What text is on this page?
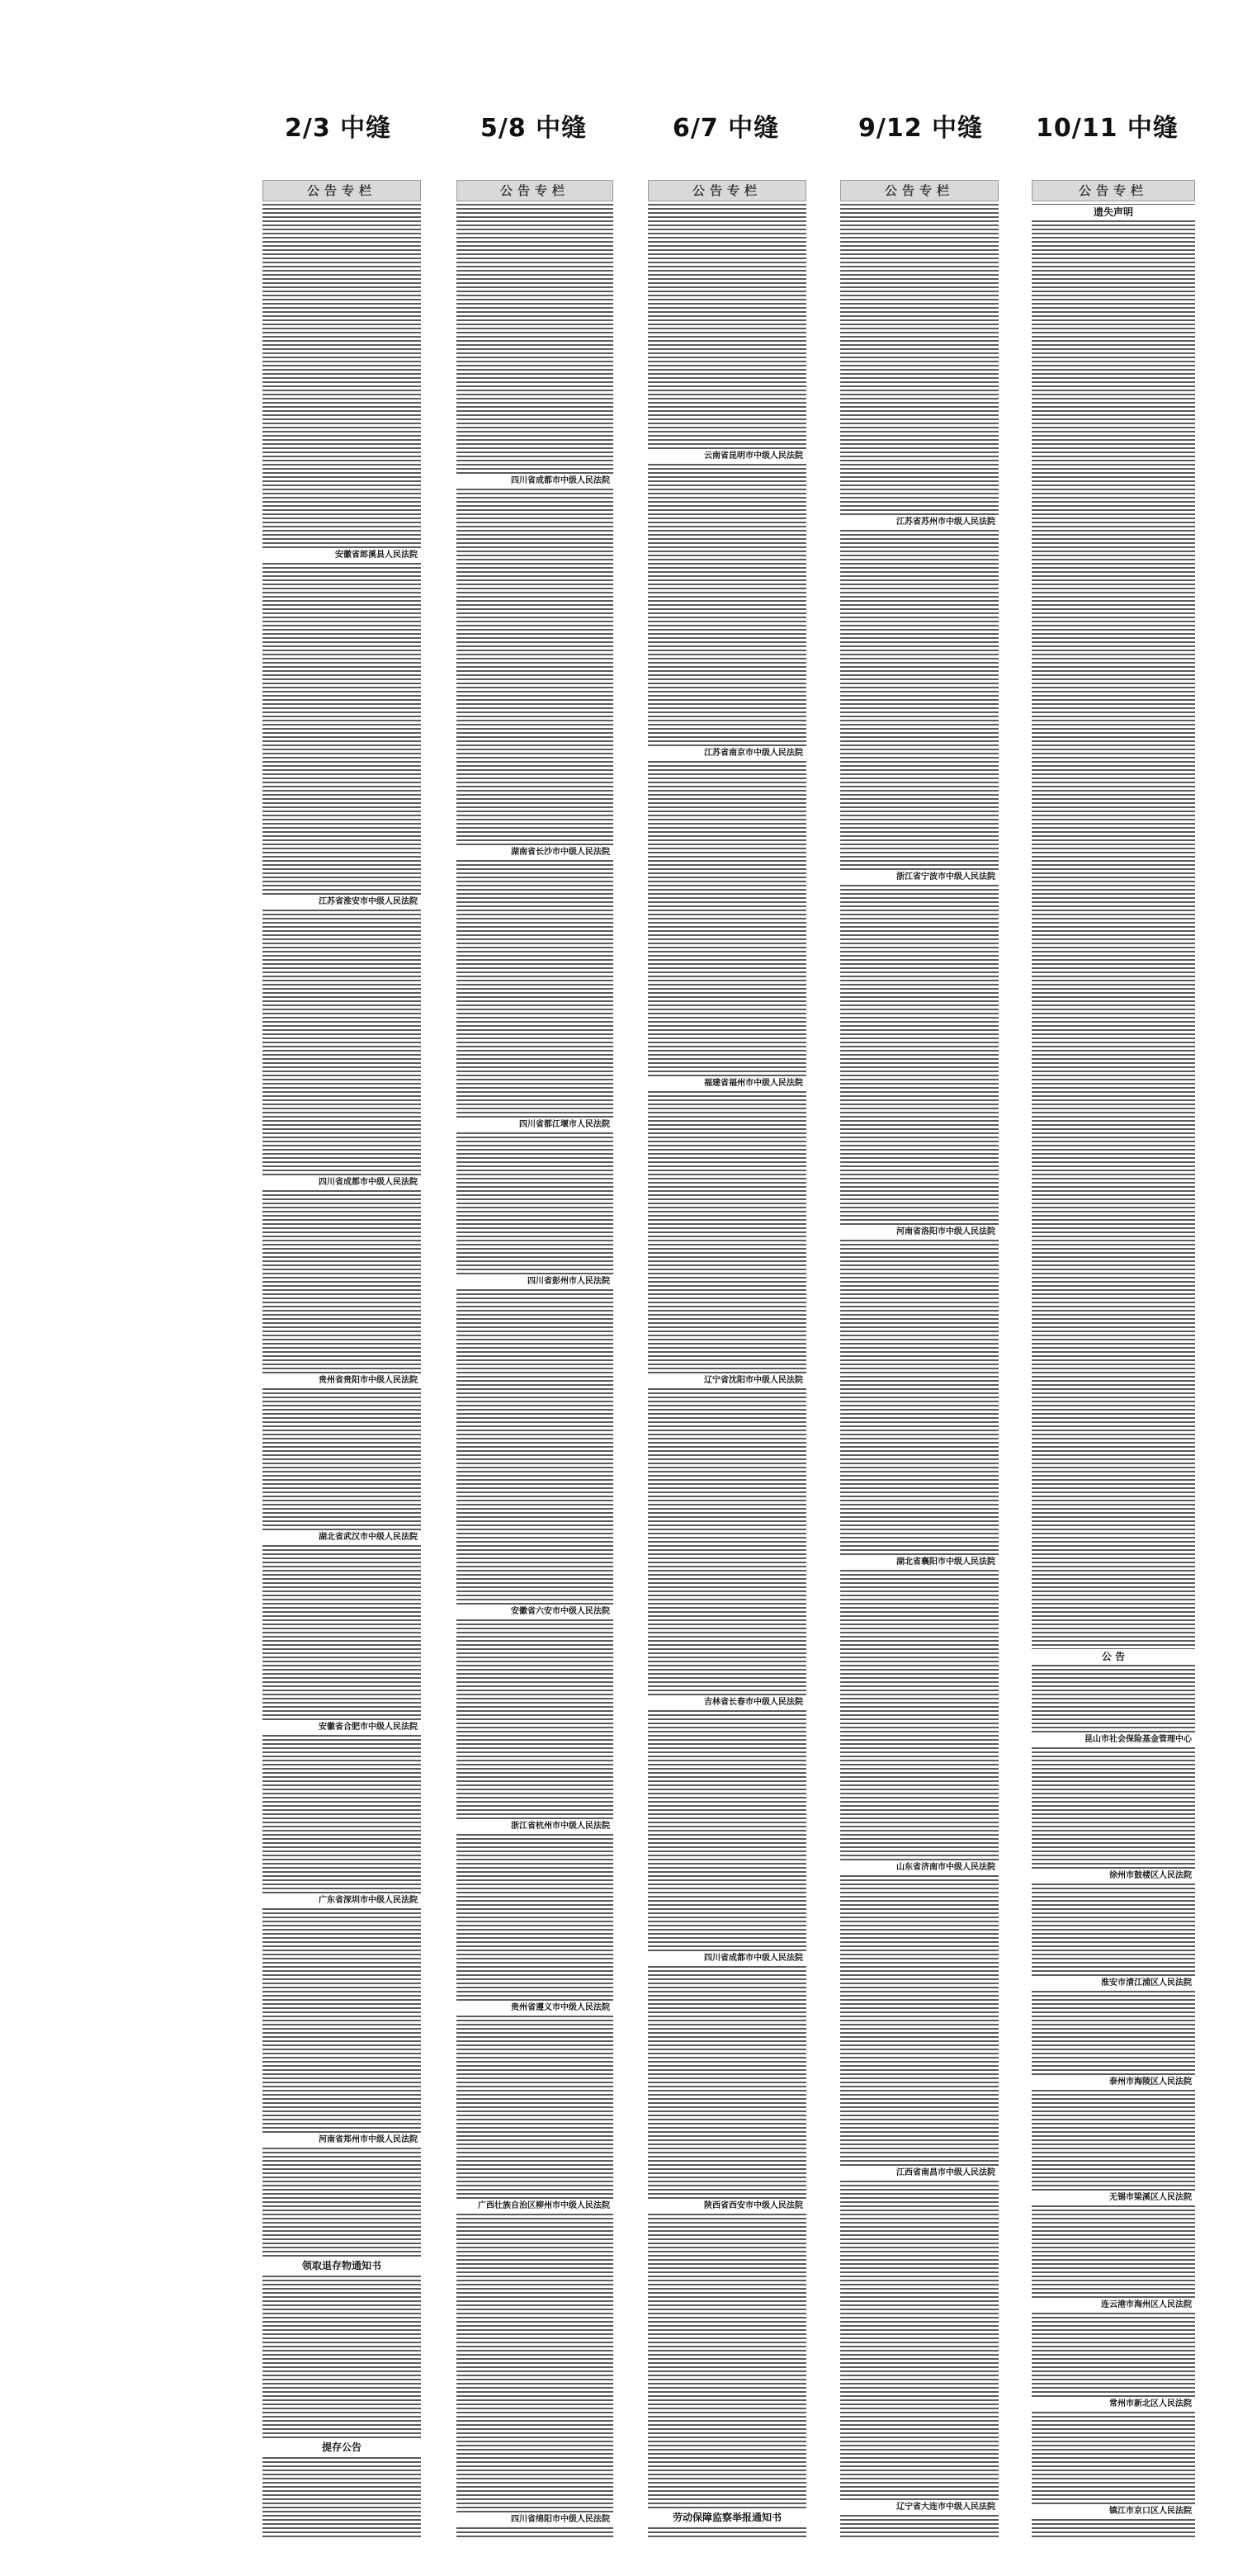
2/3 中缝
公告专栏
安徽省郎溪县人民法院
江苏省淮安市中级人民法院
四川省成都市中级人民法院
贵州省贵阳市中级人民法院
湖北省武汉市中级人民法院
安徽省合肥市中级人民法院
广东省深圳市中级人民法院
河南省郑州市中级人民法院
领取退存物通知书
提存公告
5/8 中缝
公告专栏
四川省成都市中级人民法院
湖南省长沙市中级人民法院
四川省都江堰市人民法院
四川省彭州市人民法院
安徽省六安市中级人民法院
浙江省杭州市中级人民法院
贵州省遵义市中级人民法院
广西壮族自治区柳州市中级人民法院
四川省绵阳市中级人民法院
6/7 中缝
公告专栏
云南省昆明市中级人民法院
江苏省南京市中级人民法院
福建省福州市中级人民法院
辽宁省沈阳市中级人民法院
吉林省长春市中级人民法院
四川省成都市中级人民法院
陕西省西安市中级人民法院
劳动保障监察举报通知书
9/12 中缝
公告专栏
江苏省苏州市中级人民法院
浙江省宁波市中级人民法院
河南省洛阳市中级人民法院
湖北省襄阳市中级人民法院
山东省济南市中级人民法院
江西省南昌市中级人民法院
辽宁省大连市中级人民法院
10/11 中缝
公告专栏
遗失声明
公 告
昆山市社会保险基金管理中心
徐州市鼓楼区人民法院
淮安市清江浦区人民法院
泰州市海陵区人民法院
无锡市梁溪区人民法院
连云港市海州区人民法院
常州市新北区人民法院
镇江市京口区人民法院
